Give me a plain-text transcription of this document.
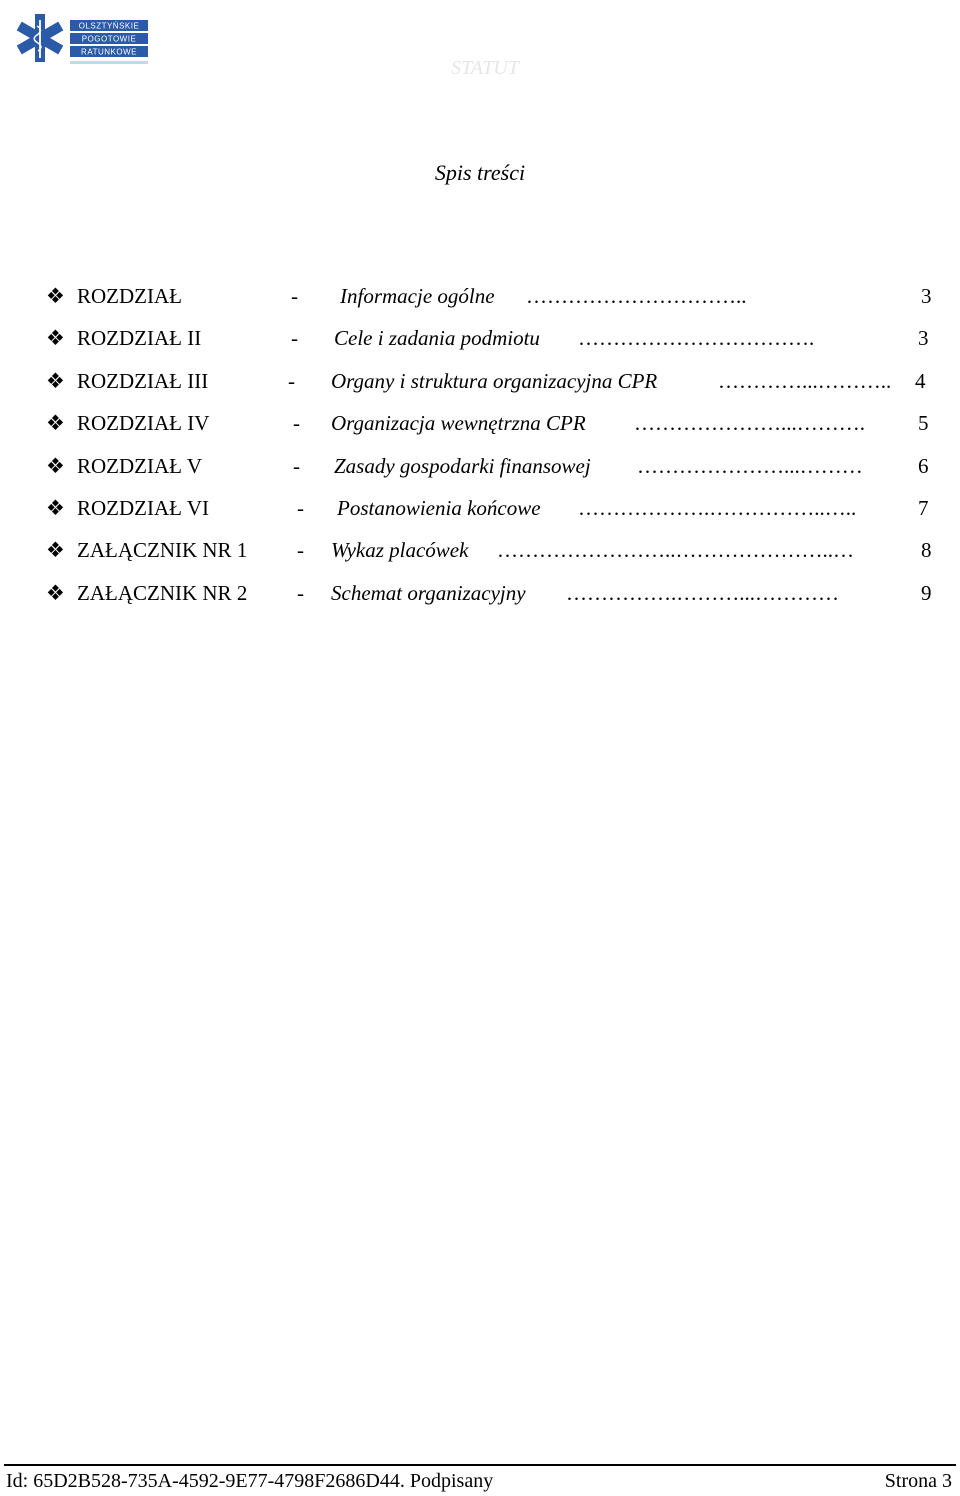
OLSZTYŃSKIE
POGOTOWIE
RATUNKOWE
STATUT
Spis treści
❖ ROZDZIAŁ	- Informacje ogólne …………………………..	3
❖ ROZDZIAŁ II	- Cele i zadania podmiotu …………………………….	3
❖ ROZDZIAŁ III	- Organy i struktura organizacyjna CPR	…………...……….. 4
❖ ROZDZIAŁ IV	- Organizacja wewnętrzna CPR …………………...……….	5
❖ ROZDZIAŁ V	- Zasady gospodarki finansowej …………………...………	6
❖ ROZDZIAŁ VI	- Postanowienia końcowe ……………….……………..…..	7
❖ ZAŁĄCZNIK NR 1 - Wykaz placówek ……………………..…………………..…	8
❖ ZAŁĄCZNIK NR 2 - Schemat organizacyjny …………….………...…………	9
Id: 65D2B528-735A-4592-9E77-4798F2686D44. Podpisany	Strona 3
